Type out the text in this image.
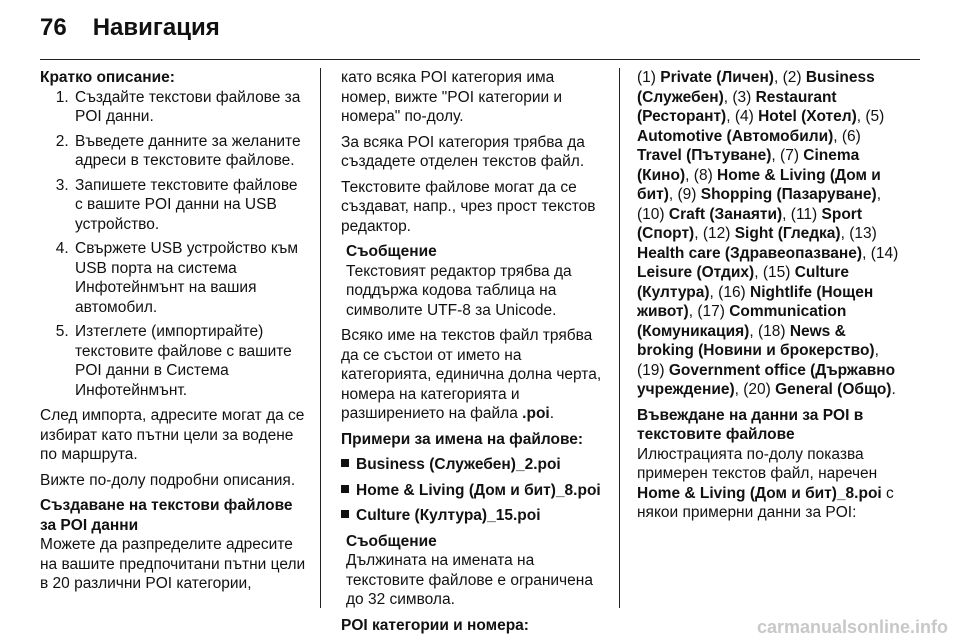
76 Навигация

Кратко описание:

1. Създайте текстови файлове за POI данни.
2. Въведете данните за желаните адреси в текстовите файлове.
3. Запишете текстовите файлове с вашите POI данни на USB устройство.
4. Свържете USB устройство към USB порта на система Инфотейнмънт на вашия автомобил.
5. Изтеглете (импортирайте) текстовите файлове с вашите POI данни в Система Инфотейнмънт.

След импорта, адресите могат да се избират като пътни цели за водене по маршрута.

Вижте по-долу подробни описания.

Създаване на текстови файлове за POI данни

Можете да разпределите адресите на вашите предпочитани пътни цели в 20 различни POI категории,

като всяка POI категория има номер, вижте "POI категории и номера" по-долу.

За всяка POI категория трябва да създадете отделен текстов файл.

Текстовите файлове могат да се създават, напр., чрез прост текстов редактор.

Съобщение
Текстовият редактор трябва да поддържа кодова таблица на символите UTF-8 за Unicode.

Всяко име на текстов файл трябва да се състои от името на категорията, единична долна черта, номера на категорията и разширението на файла .poi.

Примери за имена на файлове:

Business (Служебен)_2.poi
Home & Living (Дом и бит)_8.poi
Culture (Култура)_15.poi
Съобщение
Дължината на имената на текстовите файлове е ограничена до 32 символа.

POI категории и номера:

(1) Private (Личен), (2) Business (Служебен), (3) Restaurant (Ресторант), (4) Hotel (Хотел), (5) Automotive (Автомобили), (6) Travel (Пътуване), (7) Cinema (Кино), (8) Home & Living (Дом и бит), (9) Shopping (Пазаруване), (10) Craft (Занаяти), (11) Sport (Спорт), (12) Sight (Гледка), (13) Health care (Здравеопазване), (14) Leisure (Отдих), (15) Culture (Култура), (16) Nightlife (Нощен живот), (17) Communication (Комуникация), (18) News & broking (Новини и брокерство), (19) Government office (Държавно учреждение), (20) General (Общо).

Въвеждане на данни за POI в текстовите файлове

Илюстрацията по-долу показва примерен текстов файл, наречен Home & Living (Дом и бит)_8.poi с някои примерни данни за POI:

carmanualsonline.info
